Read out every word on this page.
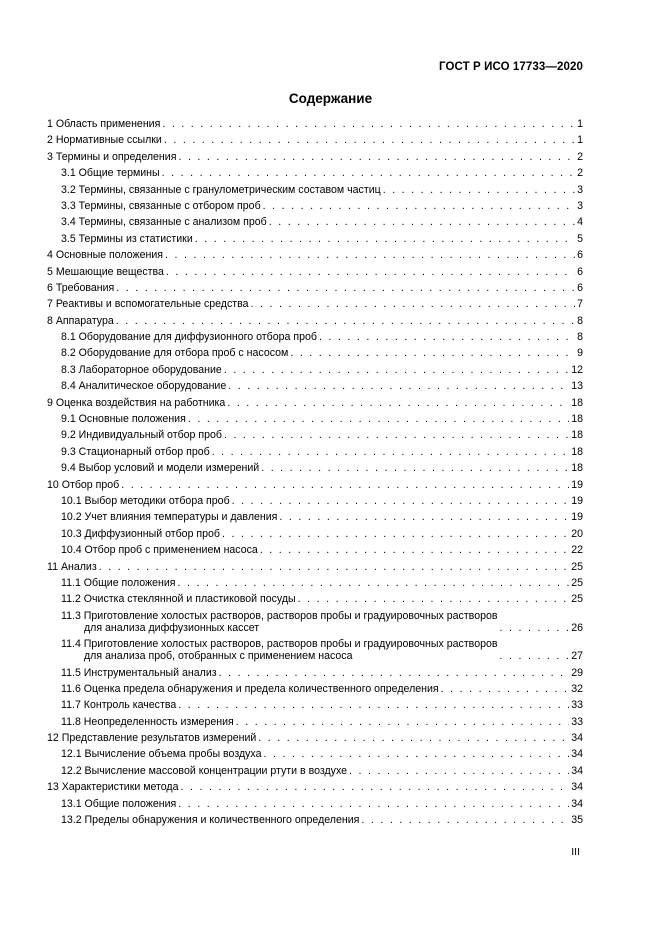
ГОСТ Р ИСО 17733—2020
Содержание
1 Область применения . . .	1
2 Нормативные ссылки . . .	1
3 Термины и определения . . .	2
3.1 Общие термины . . .	2
3.2 Термины, связанные с гранулометрическим составом частиц . . .	3
3.3 Термины, связанные с отбором проб . . .	3
3.4 Термины, связанные с анализом проб . . .	4
3.5 Термины из статистики . . .	5
4 Основные положения . . .	6
5 Мешающие вещества . . .	6
6 Требования . . .	6
7 Реактивы и вспомогательные средства . . .	7
8 Аппаратура . . .	8
8.1 Оборудование для диффузионного отбора проб . . .	8
8.2 Оборудование для отбора проб с насосом . . .	9
8.3 Лабораторное оборудование . . .	12
8.4 Аналитическое оборудование . . .	13
9 Оценка воздействия на работника . . .	18
9.1 Основные положения . . .	18
9.2 Индивидуальный отбор проб . . .	18
9.3 Стационарный отбор проб . . .	18
9.4 Выбор условий и модели измерений . . .	18
10 Отбор проб . . .	19
10.1 Выбор методики отбора проб . . .	19
10.2 Учет влияния температуры и давления . . .	19
10.3 Диффузионный отбор проб . . .	20
10.4 Отбор проб с применением насоса . . .	22
11 Анализ . . .	25
11.1 Общие положения . . .	25
11.2 Очистка стеклянной и пластиковой посуды . . .	25
11.3 Приготовление холостых растворов, растворов пробы и градуировочных растворов
для анализа диффузионных кассет . . .	26
11.4 Приготовление холостых растворов, растворов пробы и градуировочных растворов
для анализа проб, отобранных с применением насоса . . .	27
11.5 Инструментальный анализ . . .	29
11.6 Оценка предела обнаружения и предела количественного определения . . .	32
11.7 Контроль качества . . .	33
11.8 Неопределенность измерения . . .	33
12 Представление результатов измерений . . .	34
12.1 Вычисление объема пробы воздуха . . .	34
12.2 Вычисление массовой концентрации ртути в воздухе . . .	34
13 Характеристики метода . . .	34
13.1 Общие положения . . .	34
13.2 Пределы обнаружения и количественного определения . . .	35
III
